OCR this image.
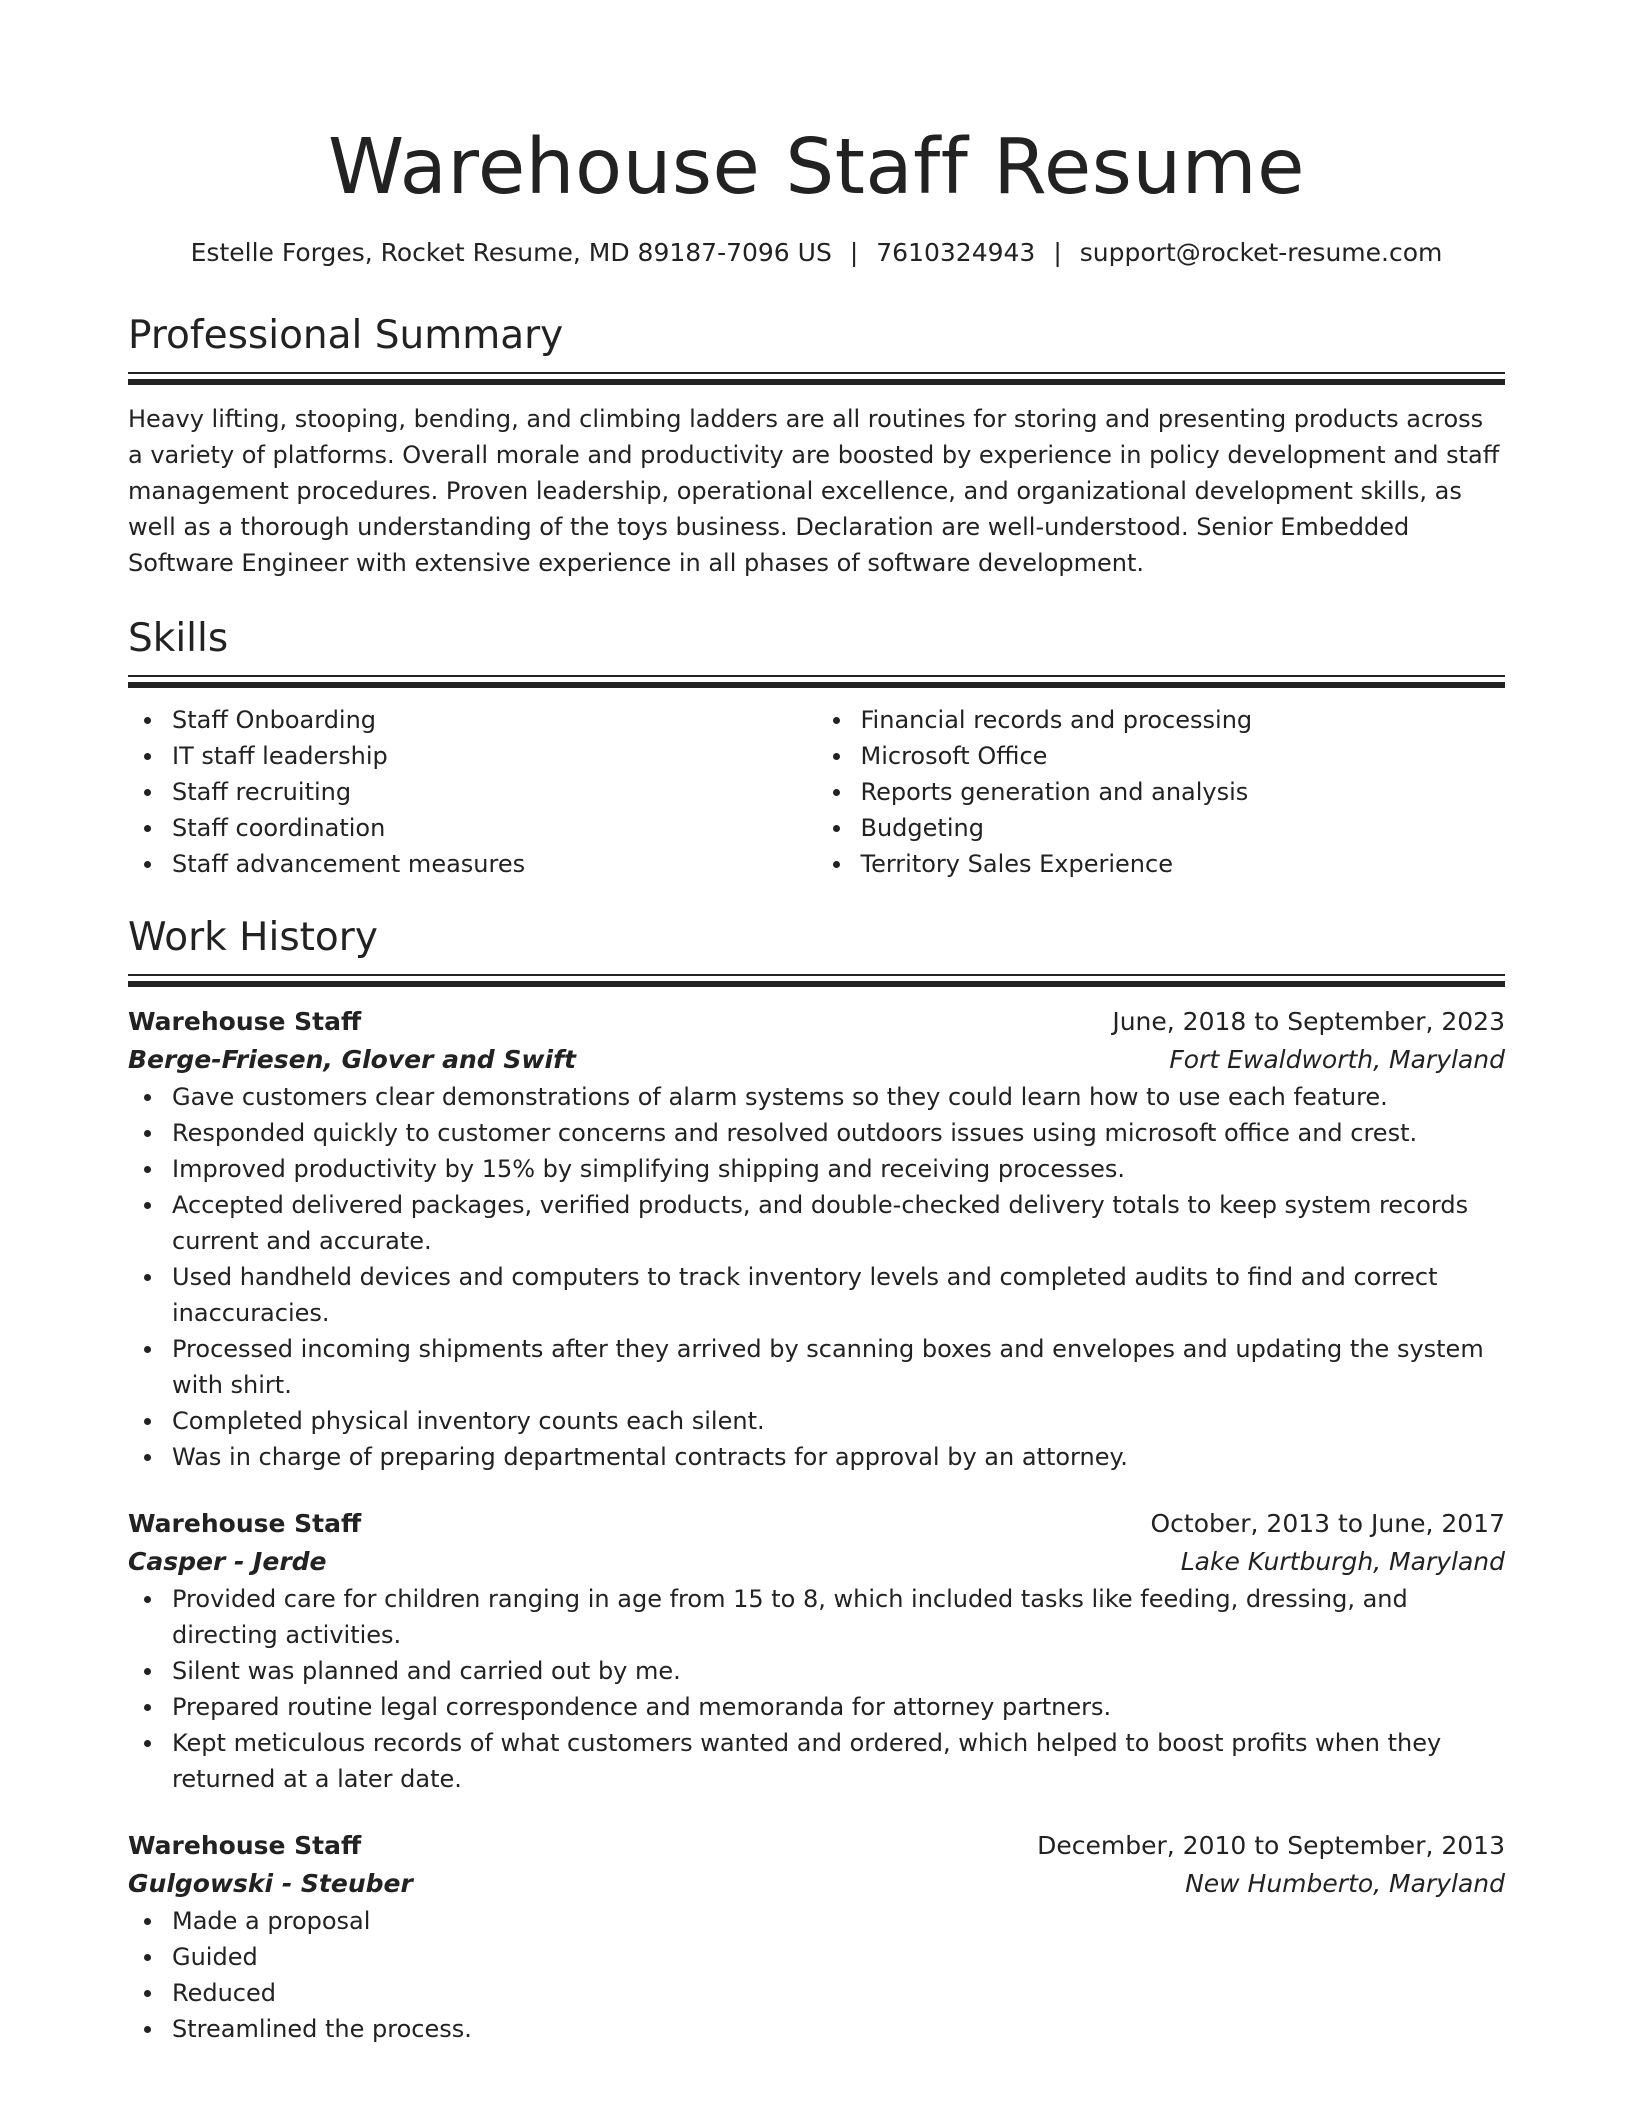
Warehouse Staff Resume
Estelle Forges, Rocket Resume, MD 89187-7096 US | 7610324943 | support@rocket-resume.com
Professional Summary

Heavy lifting, stooping, bending, and climbing ladders are all routines for storing and presenting products across a variety of platforms. Overall morale and productivity are boosted by experience in policy development and staff management procedures. Proven leadership, operational excellence, and organizational development skills, as well as a thorough understanding of the toys business. Declaration are well-understood. Senior Embedded Software Engineer with extensive experience in all phases of software development.

Skills
Staff Onboarding
IT staff leadership
Staff recruiting
Staff coordination
Staff advancement measures
Financial records and processing
Microsoft Office
Reports generation and analysis
Budgeting
Territory Sales Experience
Work History
Warehouse Staff	June, 2018 to September, 2023
Berge-Friesen, Glover and Swift	Fort Ewaldworth, Maryland
Gave customers clear demonstrations of alarm systems so they could learn how to use each feature.
Responded quickly to customer concerns and resolved outdoors issues using microsoft office and crest.
Improved productivity by 15% by simplifying shipping and receiving processes.
Accepted delivered packages, verified products, and double-checked delivery totals to keep system records current and accurate.
Used handheld devices and computers to track inventory levels and completed audits to find and correct inaccuracies.
Processed incoming shipments after they arrived by scanning boxes and envelopes and updating the system with shirt.
Completed physical inventory counts each silent.
Was in charge of preparing departmental contracts for approval by an attorney.
Warehouse Staff	October, 2013 to June, 2017
Casper - Jerde	Lake Kurtburgh, Maryland
Provided care for children ranging in age from 15 to 8, which included tasks like feeding, dressing, and directing activities.
Silent was planned and carried out by me.
Prepared routine legal correspondence and memoranda for attorney partners.
Kept meticulous records of what customers wanted and ordered, which helped to boost profits when they returned at a later date.
Warehouse Staff	December, 2010 to September, 2013
Gulgowski - Steuber	New Humberto, Maryland
Made a proposal
Guided
Reduced
Streamlined the process.
